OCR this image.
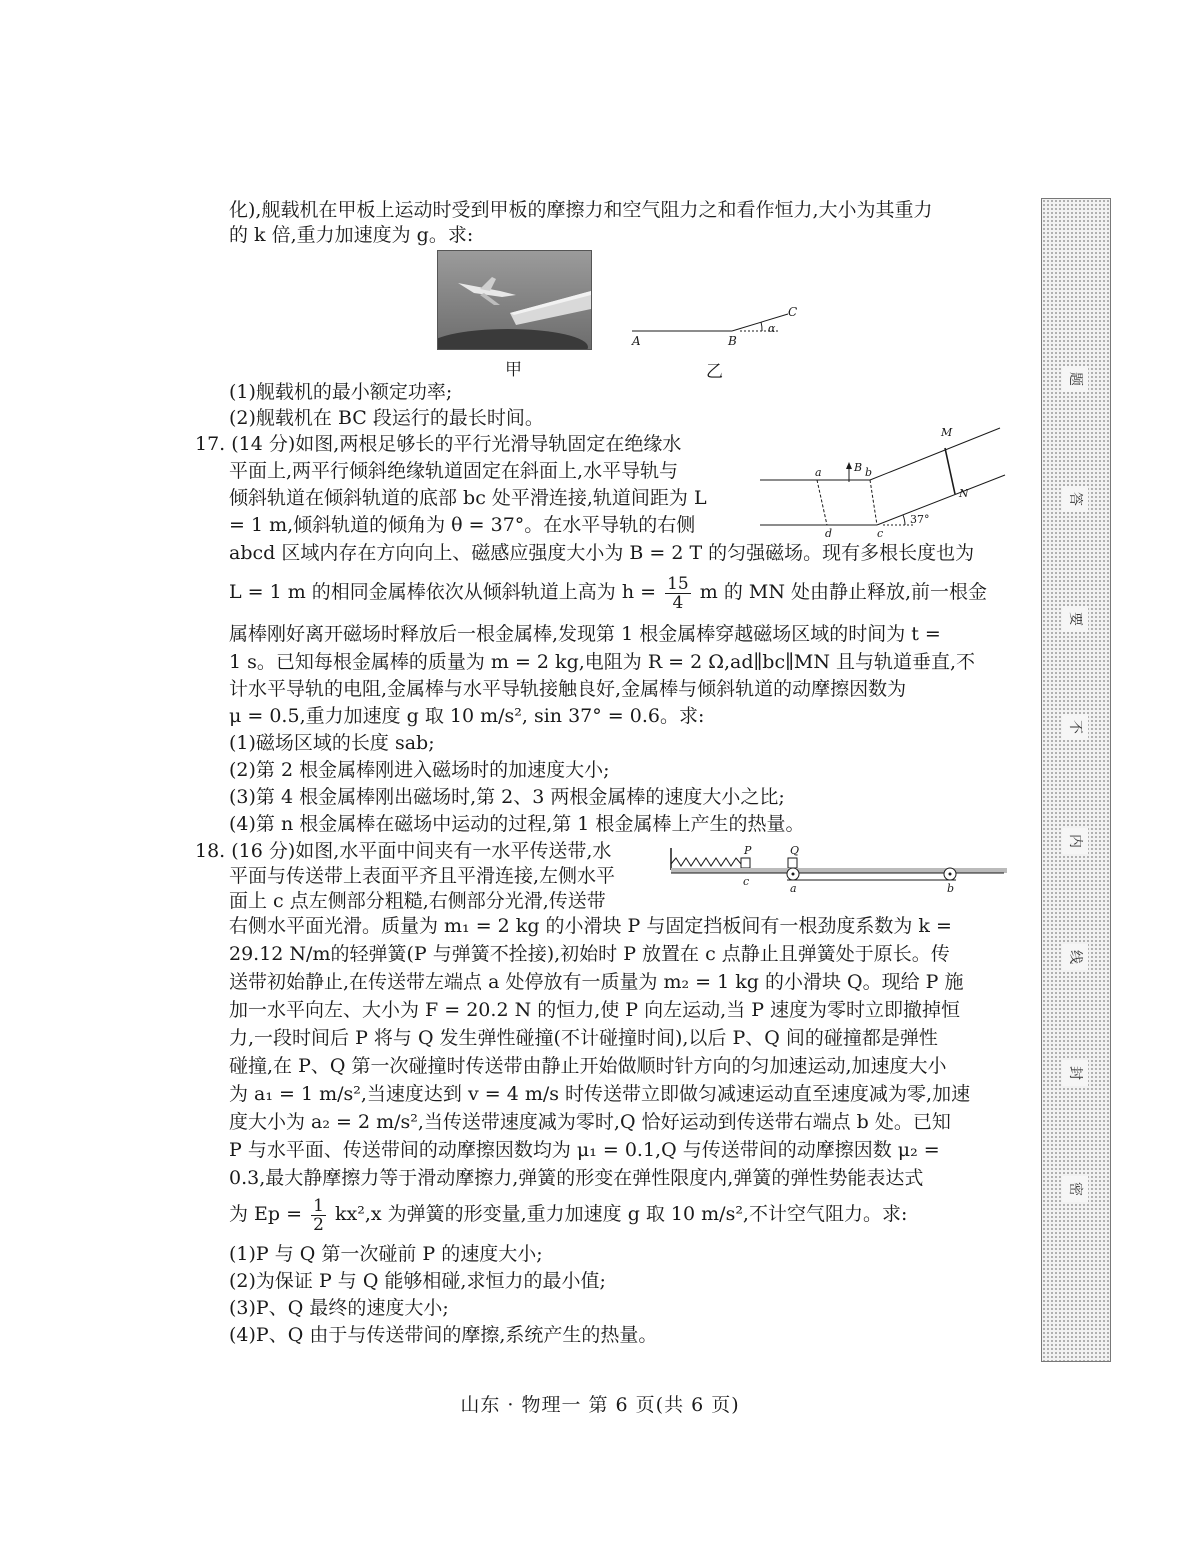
化),舰载机在甲板上运动时受到甲板的摩擦力和空气阻力之和看作恒力,大小为其重力
的 k 倍,重力加速度为 g。求:
甲
A	B
C
α
乙
(1)舰载机的最小额定功率;
(2)舰载机在 BC 段运行的最长时间。
17. (14 分)如图,两根足够长的平行光滑导轨固定在绝缘水
平面上,两平行倾斜绝缘轨道固定在斜面上,水平导轨与
倾斜轨道在倾斜轨道的底部 bc 处平滑连接,轨道间距为 L
= 1 m,倾斜轨道的倾角为 θ = 37°。在水平导轨的右侧
M
N
a	B b
d	c
37°
abcd 区域内存在方向向上、磁感应强度大小为 B = 2 T 的匀强磁场。现有多根长度也为
L = 1 m 的相同金属棒依次从倾斜轨道上高为 $h = \frac{15}{4}$ m 的 MN 处由静止释放,前一根金
属棒刚好离开磁场时释放后一根金属棒,发现第 1 根金属棒穿越磁场区域的时间为 t =
1 s。已知每根金属棒的质量为 m = 2 kg,电阻为 R = 2 Ω,ad∥bc∥MN 且与轨道垂直,不
计水平导轨的电阻,金属棒与水平导轨接触良好,金属棒与倾斜轨道的动摩擦因数为
μ = 0.5,重力加速度 g 取 10 m/s², sin 37° = 0.6。求:
(1)磁场区域的长度 sab;
(2)第 2 根金属棒刚进入磁场时的加速度大小;
(3)第 4 根金属棒刚出磁场时,第 2、3 两根金属棒的速度大小之比;
(4)第 n 根金属棒在磁场中运动的过程,第 1 根金属棒上产生的热量。
18. (16 分)如图,水平面中间夹有一水平传送带,水
平面与传送带上表面平齐且平滑连接,左侧水平
面上 c 点左侧部分粗糙,右侧部分光滑,传送带
P	Q
c
a	b
右侧水平面光滑。质量为 m₁ = 2 kg 的小滑块 P 与固定挡板间有一根劲度系数为 k =
29.12 N/m的轻弹簧(P 与弹簧不拴接),初始时 P 放置在 c 点静止且弹簧处于原长。传
送带初始静止,在传送带左端点 a 处停放有一质量为 m₂ = 1 kg 的小滑块 Q。现给 P 施
加一水平向左、大小为 F = 20.2 N 的恒力,使 P 向左运动,当 P 速度为零时立即撤掉恒
力,一段时间后 P 将与 Q 发生弹性碰撞(不计碰撞时间),以后 P、Q 间的碰撞都是弹性
碰撞,在 P、Q 第一次碰撞时传送带由静止开始做顺时针方向的匀加速运动,加速度大小
为 a₁ = 1 m/s²,当速度达到 v = 4 m/s 时传送带立即做匀减速运动直至速度减为零,加速
度大小为 a₂ = 2 m/s²,当传送带速度减为零时,Q 恰好运动到传送带右端点 b 处。已知
P 与水平面、传送带间的动摩擦因数均为 μ₁ = 0.1,Q 与传送带间的动摩擦因数 μ₂ =
0.3,最大静摩擦力等于滑动摩擦力,弹簧的形变在弹性限度内,弹簧的弹性势能表达式
为 $Ep = \frac{1}{2} kx^2,x$ 为弹簧的形变量,重力加速度 g 取 10 m/s²,不计空气阻力。求:
(1)P 与 Q 第一次碰前 P 的速度大小;
(2)为保证 P 与 Q 能够相碰,求恒力的最小值;
(3)P、Q 最终的速度大小;
(4)P、Q 由于与传送带间的摩擦,系统产生的热量。
题
答
要
不
内
线
封
密
山东 · 物理一 第 6 页(共 6 页)
